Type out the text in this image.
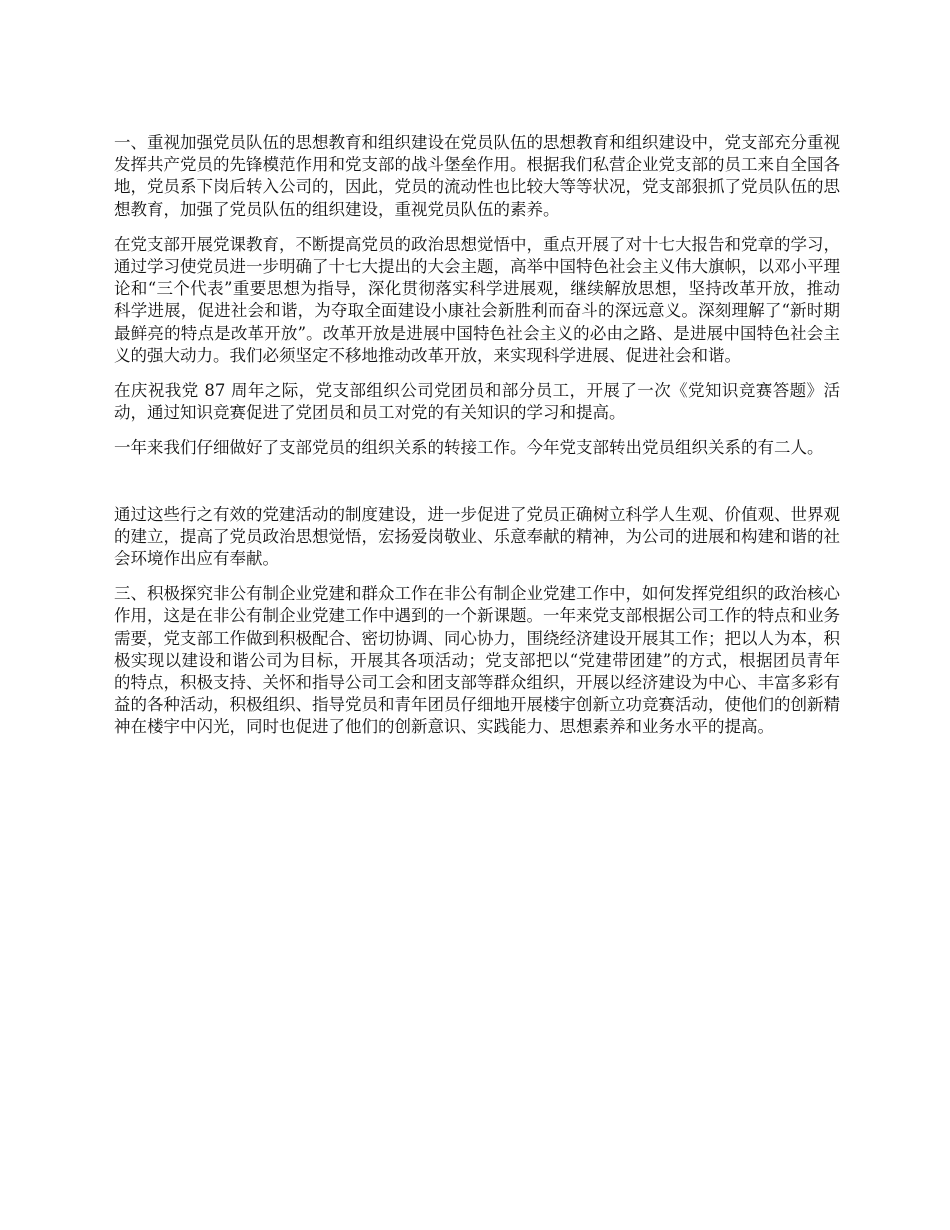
一、重视加强党员队伍的思想教育和组织建设在党员队伍的思想教育和组织建设中，党支部充分重视发挥共产党员的先锋模范作用和党支部的战斗堡垒作用。根据我们私营企业党支部的员工来自全国各地，党员系下岗后转入公司的，因此，党员的流动性也比较大等等状况，党支部狠抓了党员队伍的思想教育，加强了党员队伍的组织建设，重视党员队伍的素养。

在党支部开展党课教育，不断提高党员的政治思想觉悟中，重点开展了对十七大报告和党章的学习，通过学习使党员进一步明确了十七大提出的大会主题，高举中国特色社会主义伟大旗帜，以邓小平理论和“三个代表”重要思想为指导，深化贯彻落实科学进展观，继续解放思想，坚持改革开放，推动科学进展，促进社会和谐，为夺取全面建设小康社会新胜利而奋斗的深远意义。深刻理解了“新时期最鲜亮的特点是改革开放”。改革开放是进展中国特色社会主义的必由之路、是进展中国特色社会主义的强大动力。我们必须坚定不移地推动改革开放，来实现科学进展、促进社会和谐。

在庆祝我党 87 周年之际，党支部组织公司党团员和部分员工，开展了一次《党知识竞赛答题》活动，通过知识竞赛促进了党团员和员工对党的有关知识的学习和提高。

一年来我们仔细做好了支部党员的组织关系的转接工作。今年党支部转出党员组织关系的有二人。

通过这些行之有效的党建活动的制度建设，进一步促进了党员正确树立科学人生观、价值观、世界观的建立，提高了党员政治思想觉悟，宏扬爱岗敬业、乐意奉献的精神，为公司的进展和构建和谐的社会环境作出应有奉献。

三、积极探究非公有制企业党建和群众工作在非公有制企业党建工作中，如何发挥党组织的政治核心作用，这是在非公有制企业党建工作中遇到的一个新课题。一年来党支部根据公司工作的特点和业务需要，党支部工作做到积极配合、密切协调、同心协力，围绕经济建设开展其工作；把以人为本，积极实现以建设和谐公司为目标，开展其各项活动；党支部把以“党建带团建”的方式，根据团员青年的特点，积极支持、关怀和指导公司工会和团支部等群众组织，开展以经济建设为中心、丰富多彩有益的各种活动，积极组织、指导党员和青年团员仔细地开展楼宇创新立功竞赛活动，使他们的创新精神在楼宇中闪光，同时也促进了他们的创新意识、实践能力、思想素养和业务水平的提高。
